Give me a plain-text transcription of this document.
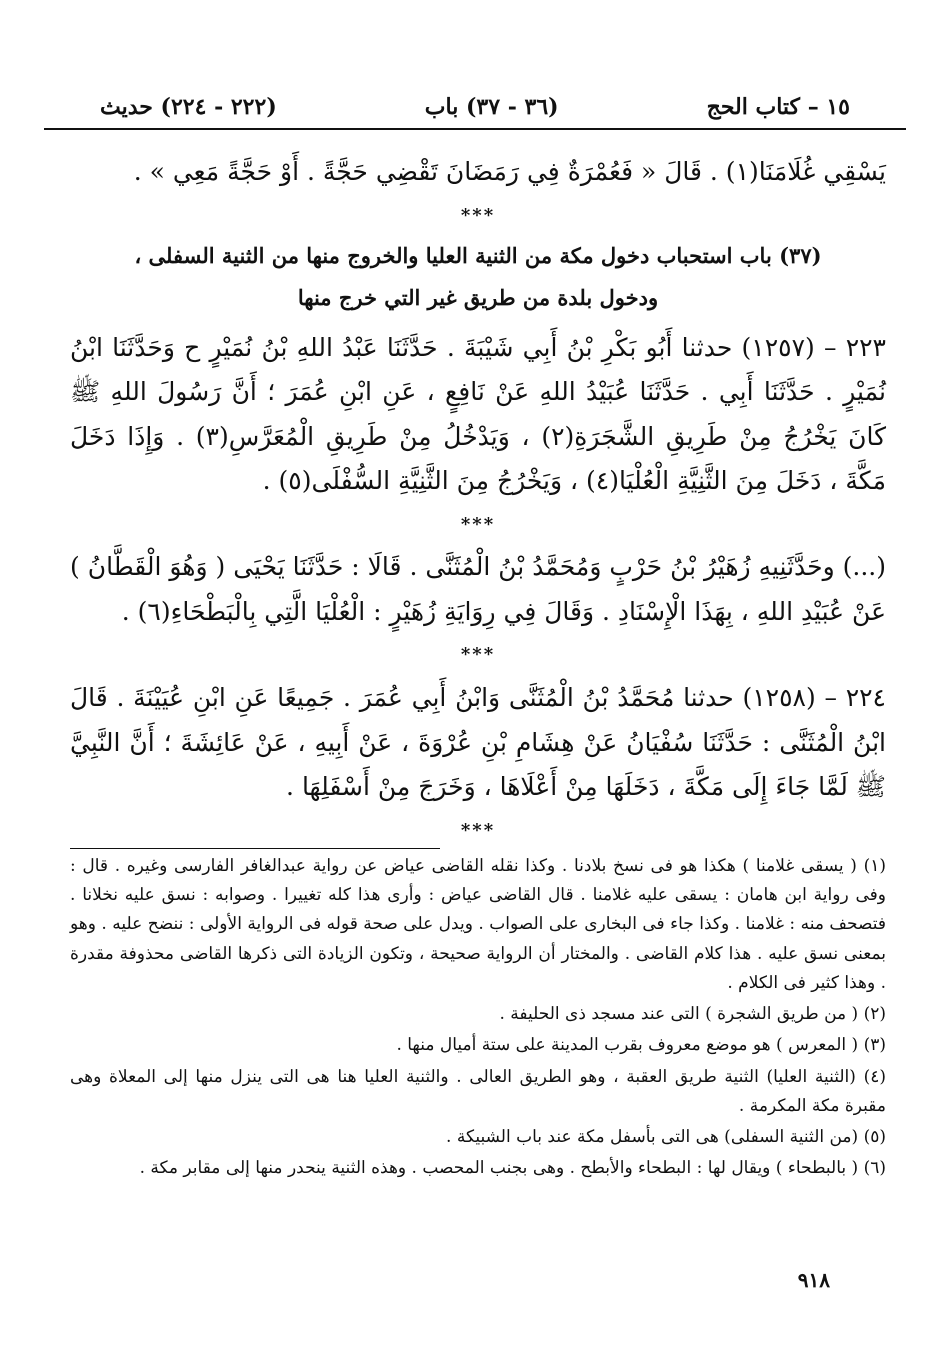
١٥ – كتاب الحج
(٣٦ - ٣٧) باب
(٢٢٢ - ٢٢٤) حديث

يَسْقِي غُلَامَنَا(١) . قَالَ « فَعُمْرَةٌ فِي رَمَضَانَ تَقْضِي حَجَّةً . أَوْ حَجَّةً مَعِي » .

***

(٣٧) باب استحباب دخول مكة من الثنية العليا والخروج منها من الثنية السفلى ،

ودخول بلدة من طريق غير التي خرج منها

٢٢٣ – (١٢٥٧) حدثنا أَبُو بَكْرِ بْنُ أَبِي شَيْبَةَ . حَدَّثَنَا عَبْدُ اللهِ بْنُ نُمَيْرٍ ح وَحَدَّثَنَا ابْنُ نُمَيْرٍ . حَدَّثَنَا أَبِي . حَدَّثَنَا عُبَيْدُ اللهِ عَنْ نَافِعٍ ، عَنِ ابْنِ عُمَرَ ؛ أَنَّ رَسُولَ اللهِ ﷺ كَانَ يَخْرُجُ مِنْ طَرِيقِ الشَّجَرَةِ(٢) ، وَيَدْخُلُ مِنْ طَرِيقِ الْمُعَرَّسِ(٣) . وَإِذَا دَخَلَ مَكَّةَ ، دَخَلَ مِنَ الثَّنِيَّةِ الْعُلْيَا(٤) ، وَيَخْرُجُ مِنَ الثَّنِيَّةِ السُّفْلَى(٥) .

***

(...) وحَدَّثَنِيهِ زُهَيْرُ بْنُ حَرْبٍ وَمُحَمَّدُ بْنُ الْمُثَنَّى . قَالَا : حَدَّثَنَا يَحْيَى ( وَهُوَ الْقَطَّانُ ) عَنْ عُبَيْدِ اللهِ ، بِهَذَا الْإِسْنَادِ . وَقَالَ فِي رِوَايَةِ زُهَيْرٍ : الْعُلْيَا الَّتِي بِالْبَطْحَاءِ(٦) .

***

٢٢٤ – (١٢٥٨) حدثنا مُحَمَّدُ بْنُ الْمُثَنَّى وَابْنُ أَبِي عُمَرَ . جَمِيعًا عَنِ ابْنِ عُيَيْنَةَ . قَالَ ابْنُ الْمُثَنَّى : حَدَّثَنَا سُفْيَانُ عَنْ هِشَامِ بْنِ عُرْوَةَ ، عَنْ أَبِيهِ ، عَنْ عَائِشَةَ ؛ أَنَّ النَّبِيَّ ﷺ لَمَّا جَاءَ إِلَى مَكَّةَ ، دَخَلَهَا مِنْ أَعْلَاهَا ، وَخَرَجَ مِنْ أَسْفَلِهَا .

***

(١) ( يسقى غلامنا ) هكذا هو فى نسخ بلادنا . وكذا نقله القاضى عياض عن رواية عبدالغافر الفارسى وغيره . قال : وفى رواية ابن هامان : يسقى عليه غلامنا . قال القاضى عياض : وأرى هذا كله تغييرا . وصوابه : نسق عليه نخلانا . فتصحف منه : غلامنا . وكذا جاء فى البخارى على الصواب . ويدل على صحة قوله فى الرواية الأولى : ننضح عليه . وهو بمعنى نسق عليه . هذا كلام القاضى . والمختار أن الرواية صحيحة ، وتكون الزيادة التى ذكرها القاضى محذوفة مقدرة . وهذا كثير فى الكلام .

(٢) ( من طريق الشجرة ) التى عند مسجد ذى الحليفة .

(٣) ( المعرس ) هو موضع معروف بقرب المدينة على ستة أميال منها .

(٤) (الثنية العليا) الثنية طريق العقبة ، وهو الطريق العالى . والثنية العليا هنا هى التى ينزل منها إلى المعلاة وهى مقبرة مكة المكرمة .

(٥) (من الثنية السفلى) هى التى بأسفل مكة عند باب الشبيكة .

(٦) ( بالبطحاء ) ويقال لها : البطحاء والأبطح . وهى بجنب المحصب . وهذه الثنية ينحدر منها إلى مقابر مكة .

٩١٨
